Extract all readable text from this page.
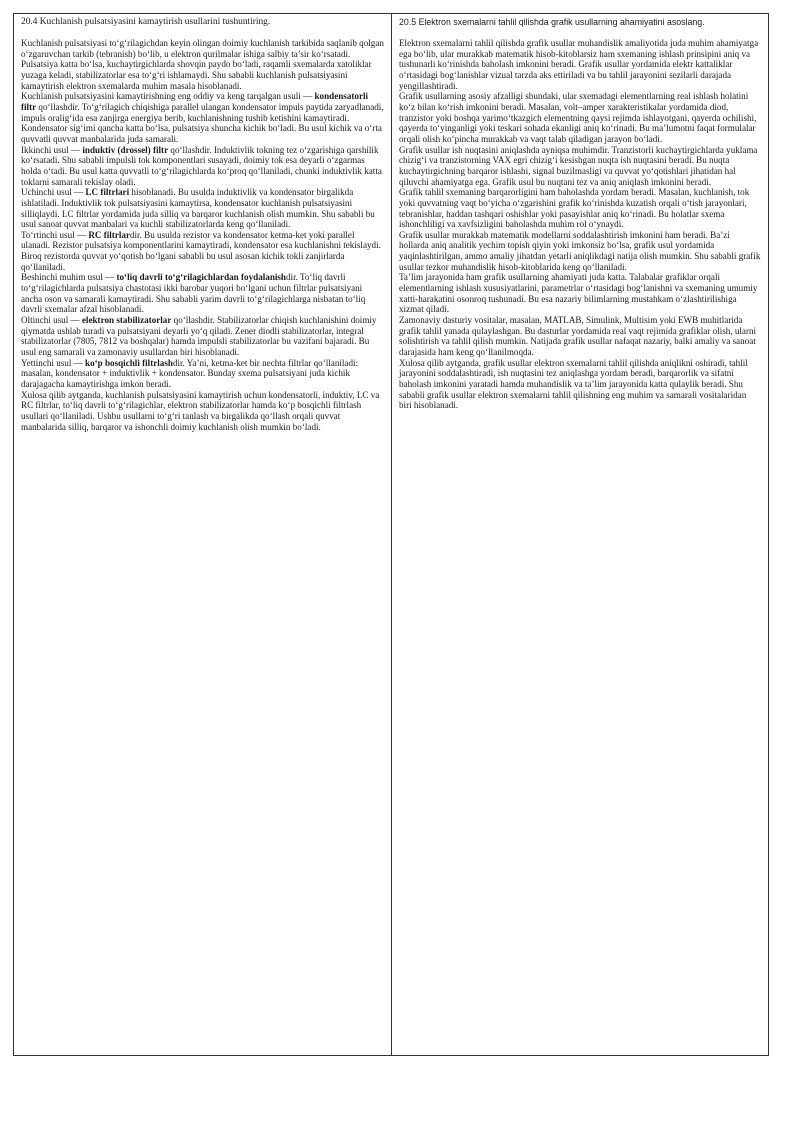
20.4 Kuchlanish pulsatsiyasini kamaytirish usullarini tushuntiring.

Kuchlanish pulsatsiyasi to‘g‘rilagichdan keyin olingan doimiy kuchlanish tarkibida saqlanib qolgan o‘zgaruvchan tarkib (tebranish) bo‘lib, u elektron qurilmalar ishiga salbiy ta’sir ko‘rsatadi. Pulsatsiya katta bo‘lsa, kuchaytirgichlarda shovqin paydo bo‘ladi, raqamli sxemalarda xatoliklar yuzaga keladi, stabilizatorlar esa to‘g‘ri ishlamaydi. Shu sababli kuchlanish pulsatsiyasini kamaytirish elektron sxemalarda muhim masala hisoblanadi.

Kuchlanish pulsatsiyasini kamaytirishning eng oddiy va keng tarqalgan usuli — kondensatorli filtr qo‘llashdir. To‘g‘rilagich chiqishiga parallel ulangan kondensator impuls paytida zaryadlanadi, impuls oralig‘ida esa zanjirga energiya berib, kuchlanishning tushib ketishini kamaytiradi. Kondensator sig‘imi qancha katta bo‘lsa, pulsatsiya shuncha kichik bo‘ladi. Bu usul kichik va o‘rta quvvatli quvvat manbalarida juda samarali.

Ikkinchi usul — induktiv (drossel) filtr qo‘llashdir. Induktivlik tokning tez o‘zgarishiga qarshilik ko‘rsatadi. Shu sababli impulsli tok komponentlari susayadi, doimiy tok esa deyarli o‘zgarmas holda o‘tadi. Bu usul katta quvvatli to‘g‘rilagichlarda ko‘proq qo‘llaniladi, chunki induktivlik katta toklarni samarali tekislay oladi.

Uchinchi usul — LC filtrlari hisoblanadi. Bu usulda induktivlik va kondensator birgalikda ishlatiladi. Induktivlik tok pulsatsiyasini kamaytirsa, kondensator kuchlanish pulsatsiyasini silliqlaydi. LC filtrlar yordamida juda silliq va barqaror kuchlanish olish mumkin. Shu sababli bu usul sanoat quvvat manbalari va kuchli stabilizatorlarda keng qo‘llaniladi.

To‘rtinchi usul — RC filtrlardir. Bu usulda rezistor va kondensator ketma-ket yoki parallel ulanadi. Rezistor pulsatsiya komponentlarini kamaytiradi, kondensator esa kuchlanishni tekislaydi. Biroq rezistorda quvvat yo‘qotish bo‘lgani sababli bu usul asosan kichik tokli zanjirlarda qo‘llaniladi.

Beshinchi muhim usul — to‘liq davrli to‘g‘rilagichlardan foydalanishdir. To‘liq davrli to‘g‘rilagichlarda pulsatsiya chastotasi ikki barobar yuqori bo‘lgani uchun filtrlar pulsatsiyani ancha oson va samarali kamaytiradi. Shu sababli yarim davrli to‘g‘rilagichlarga nisbatan to‘liq davrli sxemalar afzal hisoblanadi.

Oltinchi usul — elektron stabilizatorlar qo‘llashdir. Stabilizatorlar chiqish kuchlanishini doimiy qiymatda ushlab turadi va pulsatsiyani deyarli yo‘q qiladi. Zener diodli stabilizatorlar, integral stabilizatorlar (7805, 7812 va boshqalar) hamda impulsli stabilizatorlar bu vazifani bajaradi. Bu usul eng samarali va zamonaviy usullardan biri hisoblanadi.

Yettinchi usul — ko‘p bosqichli filtrlashdir. Ya’ni, ketma-ket bir nechta filtrlar qo‘llaniladi: masalan, kondensator + induktivlik + kondensator. Bunday sxema pulsatsiyani juda kichik darajagacha kamaytirishga imkon beradi.

Xulosa qilib aytganda, kuchlanish pulsatsiyasini kamaytirish uchun kondensatorli, induktiv, LC va RC filtrlar, to‘liq davrli to‘g‘rilagichlar, elektron stabilizatorlar hamda ko‘p bosqichli filtrlash usullari qo‘llaniladi. Ushbu usullarni to‘g‘ri tanlash va birgalikda qo‘llash orqali quvvat manbalarida silliq, barqaror va ishonchli doimiy kuchlanish olish mumkin bo‘ladi.

20.5 Elektron sxemalarni tahlil qilishda grafik usullarning ahamiyatini asoslang.

Elektron sxemalarni tahlil qilishda grafik usullar muhandislik amaliyotida juda muhim ahamiyatga ega bo‘lib, ular murakkab matematik hisob-kitoblarsiz ham sxemaning ishlash prinsipini aniq va tushunarli ko‘rinishda baholash imkonini beradi. Grafik usullar yordamida elektr kattaliklar o‘rtasidagi bog‘lanishlar vizual tarzda aks ettiriladi va bu tahlil jarayonini sezilarli darajada yengillashtiradi.

Grafik usullarning asosiy afzalligi shundaki, ular sxemadagi elementlarning real ishlash holatini ko‘z bilan ko‘rish imkonini beradi. Masalan, volt–amper xarakteristikalar yordamida diod, tranzistor yoki boshqa yarimo‘tkazgich elementning qaysi rejimda ishlayotgani, qayerda ochilishi, qayerda to‘yinganligi yoki teskari sohada ekanligi aniq ko‘rinadi. Bu ma’lumotni faqat formulalar orqali olish ko‘pincha murakkab va vaqt talab qiladigan jarayon bo‘ladi.

Grafik usullar ish nuqtasini aniqlashda ayniqsa muhimdir. Tranzistorli kuchaytirgichlarda yuklama chizig‘i va tranzistorning VAX egri chizig‘i kesishgan nuqta ish nuqtasini beradi. Bu nuqta kuchaytirgichning barqaror ishlashi, signal buzilmasligi va quvvat yo‘qotishlari jihatidan hal qiluvchi ahamiyatga ega. Grafik usul bu nuqtani tez va aniq aniqlash imkonini beradi.

Grafik tahlil sxemaning barqarorligini ham baholashda yordam beradi. Masalan, kuchlanish, tok yoki quvvatning vaqt bo‘yicha o‘zgarishini grafik ko‘rinishda kuzatish orqali o‘tish jarayonlari, tebranishlar, haddan tashqari oshishlar yoki pasayishlar aniq ko‘rinadi. Bu holatlar sxema ishonchliligi va xavfsizligini baholashda muhim rol o‘ynaydi.

Grafik usullar murakkab matematik modellarni soddalashtirish imkonini ham beradi. Ba’zi hollarda aniq analitik yechim topish qiyin yoki imkonsiz bo‘lsa, grafik usul yordamida yaqinlashtirilgan, ammo amaliy jihatdan yetarli aniqlikdagi natija olish mumkin. Shu sababli grafik usullar tezkor muhandislik hisob-kitoblarida keng qo‘llaniladi.

Ta’lim jarayonida ham grafik usullarning ahamiyati juda katta. Talabalar grafiklar orqali elementlarning ishlash xususiyatlarini, parametrlar o‘rtasidagi bog‘lanishni va sxemaning umumiy xatti-harakatini osonroq tushunadi. Bu esa nazariy bilimlarning mustahkam o‘zlashtirilishiga xizmat qiladi.

Zamonaviy dasturiy vositalar, masalan, MATLAB, Simulink, Multisim yoki EWB muhitlarida grafik tahlil yanada qulaylashgan. Bu dasturlar yordamida real vaqt rejimida grafiklar olish, ularni solishtirish va tahlil qilish mumkin. Natijada grafik usullar nafaqat nazariy, balki amaliy va sanoat darajasida ham keng qo‘llanilmoqda.

Xulosa qilib aytganda, grafik usullar elektron sxemalarni tahlil qilishda aniqlikni oshiradi, tahlil jarayonini soddalashtiradi, ish nuqtasini tez aniqlashga yordam beradi, barqarorlik va sifatni baholash imkonini yaratadi hamda muhandislik va ta’lim jarayonida katta qulaylik beradi. Shu sababli grafik usullar elektron sxemalarni tahlil qilishning eng muhim va samarali vositalaridan biri hisoblanadi.
